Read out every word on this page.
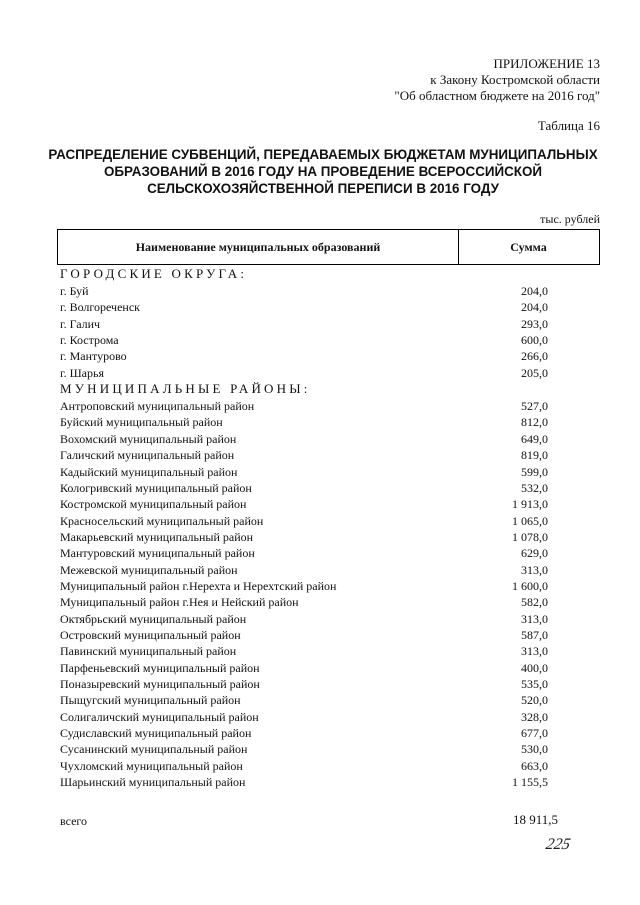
ПРИЛОЖЕНИЕ 13
к Закону Костромской области
"Об областном бюджете на 2016 год"
Таблица 16
РАСПРЕДЕЛЕНИЕ СУБВЕНЦИЙ, ПЕРЕДАВАЕМЫХ БЮДЖЕТАМ МУНИЦИПАЛЬНЫХ
ОБРАЗОВАНИЙ В 2016 ГОДУ НА ПРОВЕДЕНИЕ ВСЕРОССИЙСКОЙ
СЕЛЬСКОХОЗЯЙСТВЕННОЙ ПЕРЕПИСИ В 2016 ГОДУ
тыс. рублей
Наименование муниципальных образований	Сумма
ГОРОДСКИЕ ОКРУГА:
г. Буй	204,0
г. Волгореченск	204,0
г. Галич	293,0
г. Кострома	600,0
г. Мантурово	266,0
г. Шарья	205,0
МУНИЦИПАЛЬНЫЕ РАЙОНЫ:
Антроповский муниципальный район	527,0
Буйский муниципальный район	812,0
Вохомский муниципальный район	649,0
Галичский муниципальный район	819,0
Кадыйский муниципальный район	599,0
Кологривский муниципальный район	532,0
Костромской муниципальный район	1 913,0
Красносельский муниципальный район	1 065,0
Макарьевский муниципальный район	1 078,0
Мантуровский муниципальный район	629,0
Межевской муниципальный район	313,0
Муниципальный район г.Нерехта и Нерехтский район	1 600,0
Муниципальный район г.Нея и Нейский район	582,0
Октябрьский муниципальный район	313,0
Островский муниципальный район	587,0
Павинский муниципальный район	313,0
Парфеньевский муниципальный район	400,0
Поназыревский муниципальный район	535,0
Пыщугский муниципальный район	520,0
Солигаличский муниципальный район	328,0
Судиславский муниципальный район	677,0
Сусанинский муниципальный район	530,0
Чухломский муниципальный район	663,0
Шарьинский муниципальный район	1 155,5
всего	18 911,5
225
